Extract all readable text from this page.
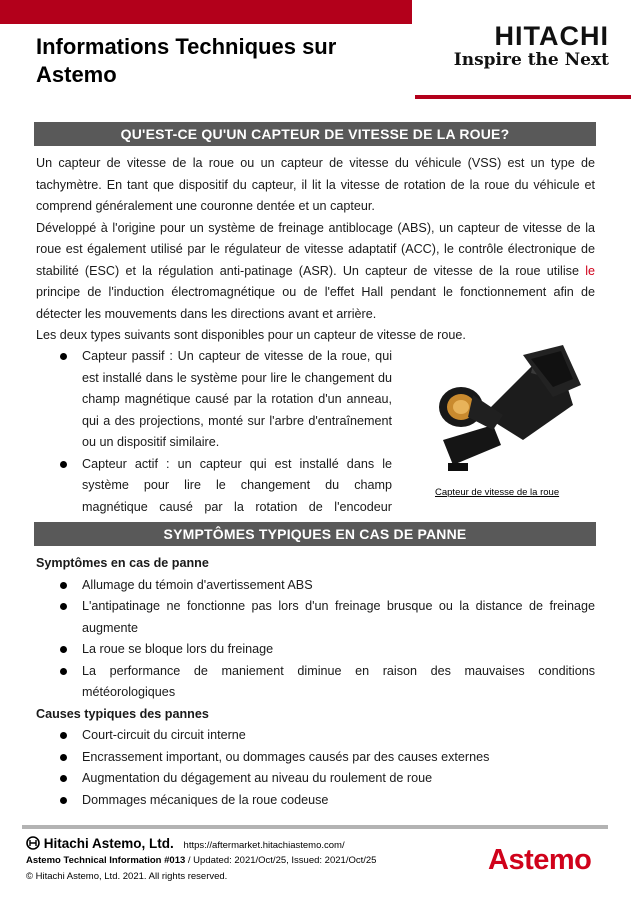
Informations Techniques sur Astemo
HITACHI
Inspire the Next
QU'EST-CE QU'UN CAPTEUR DE VITESSE DE LA ROUE?

Un capteur de vitesse de la roue ou un capteur de vitesse du véhicule (VSS) est un type de tachymètre. En tant que dispositif du capteur, il lit la vitesse de rotation de la roue du véhicule et comprend généralement une couronne dentée et un capteur.

Développé à l'origine pour un système de freinage antiblocage (ABS), un capteur de vitesse de la roue est également utilisé par le régulateur de vitesse adaptatif (ACC), le contrôle électronique de stabilité (ESC) et la régulation anti-patinage (ASR). Un capteur de vitesse de la roue utilise le principe de l'induction électromagnétique ou de l'effet Hall pendant le fonctionnement afin de détecter les mouvements dans les directions avant et arrière.

Les deux types suivants sont disponibles pour un capteur de vitesse de roue.

Capteur passif : Un capteur de vitesse de la roue, qui est installé dans le système pour lire le changement du champ magnétique causé par la rotation d'un anneau, qui a des projections, monté sur l'arbre d'entraînement ou un dispositif similaire.
Capteur actif : un capteur qui est installé dans le système pour lire le changement du champ magnétique causé par la rotation de l'encodeur
Capteur de vitesse de la roue
SYMPTÔMES TYPIQUES EN CAS DE PANNE

Symptômes en cas de panne

Allumage du témoin d'avertissement ABS
L'antipatinage ne fonctionne pas lors d'un freinage brusque ou la distance de freinage augmente
La roue se bloque lors du freinage
La performance de maniement diminue en raison des mauvaises conditions météorologiques

Causes typiques des pannes

Court-circuit du circuit interne
Encrassement important, ou dommages causés par des causes externes
Augmentation du dégagement au niveau du roulement de roue
Dommages mécaniques de la roue codeuse
Hitachi Astemo, Ltd. https://aftermarket.hitachiastemo.com/
Astemo Technical Information #013 / Updated: 2021/Oct/25, Issued: 2021/Oct/25
© Hitachi Astemo, Ltd. 2021. All rights reserved.
Astemo
